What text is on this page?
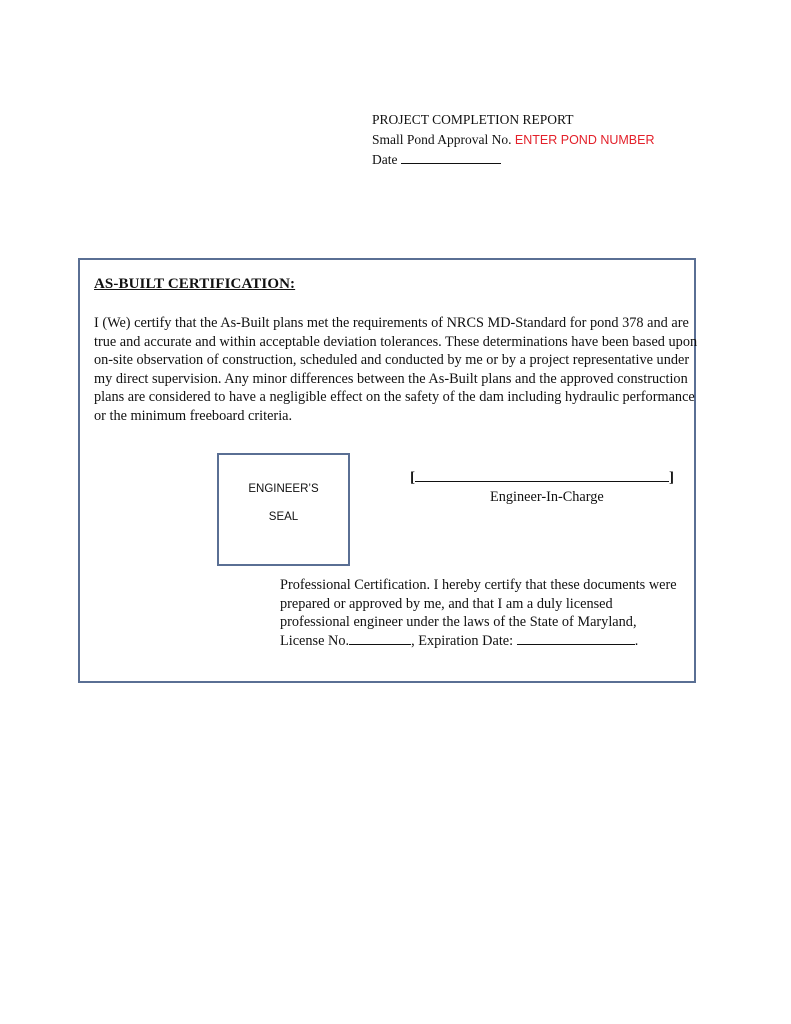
PROJECT COMPLETION REPORT
Small Pond Approval No. ENTER POND NUMBER
Date
AS-BUILT CERTIFICATION:
I (We) certify that the As-Built plans met the requirements of NRCS MD-Standard for pond 378 and are true and accurate and within acceptable deviation tolerances. These determinations have been based upon on-site observation of construction, scheduled and conducted by me or by a project representative under my direct supervision. Any minor differences between the As-Built plans and the approved construction plans are considered to have a negligible effect on the safety of the dam including hydraulic performance or the minimum freeboard criteria.
ENGINEER’S
SEAL
[	]
Engineer-In-Charge
Professional Certification. I hereby certify that these documents were prepared or approved by me, and that I am a duly licensed professional engineer under the laws of the State of Maryland, License No.	, Expiration Date:	.
